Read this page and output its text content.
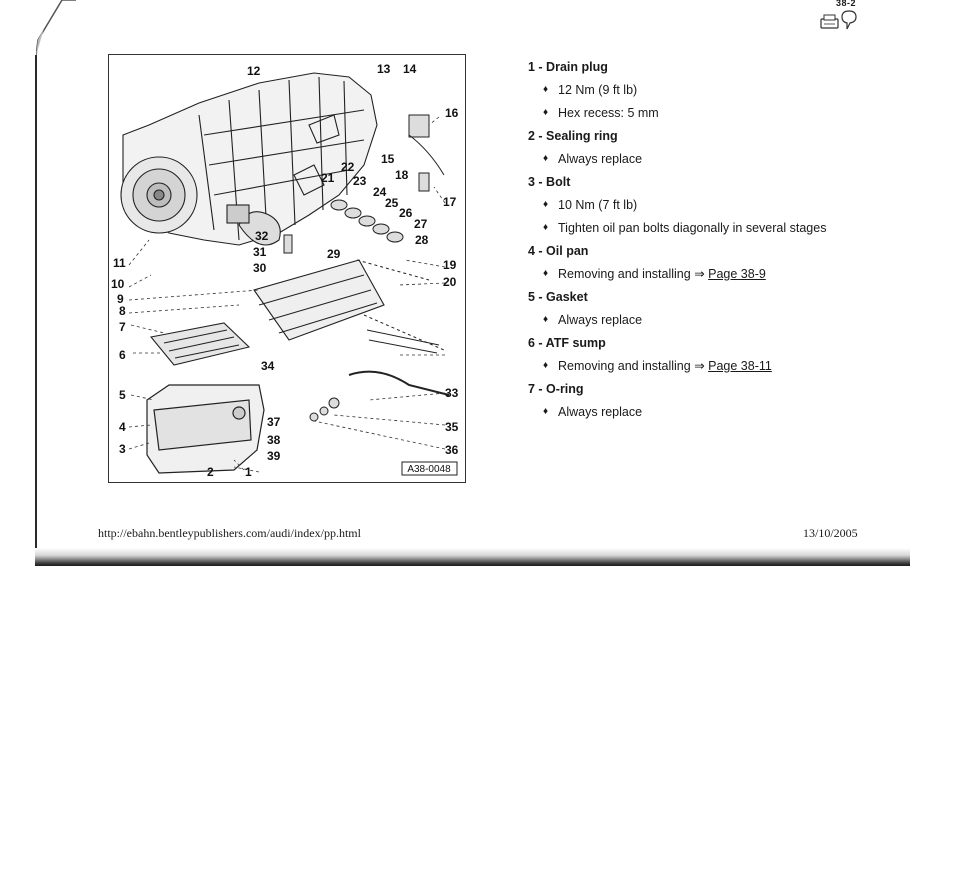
38-2
1
2
3
4
5
6
7
8
9
10
11
12	13 14
15
16
17
18
19
20
21
22
23
24
25
26
27
28
29
30
31
32
33
34
35
36
37
38
39
A38-0048
1 - Drain plug
♦ 12 Nm (9 ft lb)
♦ Hex recess: 5 mm
2 - Sealing ring
♦ Always replace
3 - Bolt
♦ 10 Nm (7 ft lb)
♦ Tighten oil pan bolts diagonally in several stages
4 - Oil pan
♦ Removing and installing ⇒ Page 38-9
5 - Gasket
♦ Always replace
6 - ATF sump
♦ Removing and installing ⇒ Page 38-11
7 - O-ring
♦ Always replace
http://ebahn.bentleypublishers.com/audi/index/pp.html	13/10/2005
